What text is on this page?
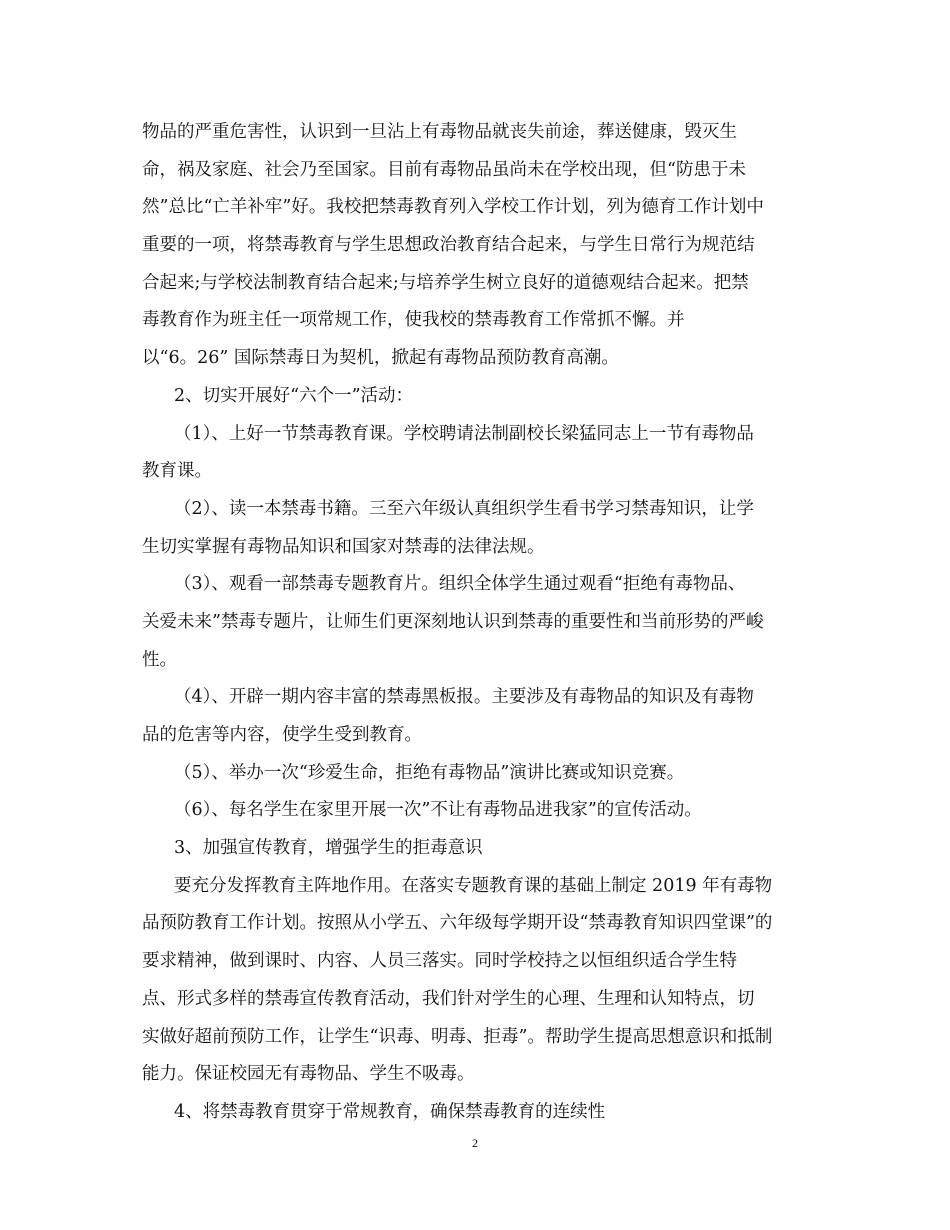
物品的严重危害性，认识到一旦沾上有毒物品就丧失前途，葬送健康，毁灭生
命，祸及家庭、社会乃至国家。目前有毒物品虽尚未在学校出现，但“防患于未
然”总比“亡羊补牢”好。我校把禁毒教育列入学校工作计划，列为德育工作计划中
重要的一项，将禁毒教育与学生思想政治教育结合起来，与学生日常行为规范结
合起来;与学校法制教育结合起来;与培养学生树立良好的道德观结合起来。把禁
毒教育作为班主任一项常规工作，使我校的禁毒教育工作常抓不懈。并
以“6。26” 国际禁毒日为契机，掀起有毒物品预防教育高潮。
2、切实开展好“六个一”活动：
（1）、上好一节禁毒教育课。学校聘请法制副校长梁猛同志上一节有毒物品
教育课。
（2）、读一本禁毒书籍。三至六年级认真组织学生看书学习禁毒知识，让学
生切实掌握有毒物品知识和国家对禁毒的法律法规。
（3）、观看一部禁毒专题教育片。组织全体学生通过观看“拒绝有毒物品、
关爱未来”禁毒专题片，让师生们更深刻地认识到禁毒的重要性和当前形势的严峻
性。
（4）、开辟一期内容丰富的禁毒黑板报。主要涉及有毒物品的知识及有毒物
品的危害等内容，使学生受到教育。
（5）、举办一次“珍爱生命，拒绝有毒物品”演讲比赛或知识竞赛。
（6）、每名学生在家里开展一次”不让有毒物品进我家”的宣传活动。
3、加强宣传教育，增强学生的拒毒意识
要充分发挥教育主阵地作用。在落实专题教育课的基础上制定 2019 年有毒物
品预防教育工作计划。按照从小学五、六年级每学期开设“禁毒教育知识四堂课”的
要求精神，做到课时、内容、人员三落实。同时学校持之以恒组织适合学生特
点、形式多样的禁毒宣传教育活动，我们针对学生的心理、生理和认知特点，切
实做好超前预防工作，让学生“识毒、明毒、拒毒”。帮助学生提高思想意识和抵制
能力。保证校园无有毒物品、学生不吸毒。
4、将禁毒教育贯穿于常规教育，确保禁毒教育的连续性
2
